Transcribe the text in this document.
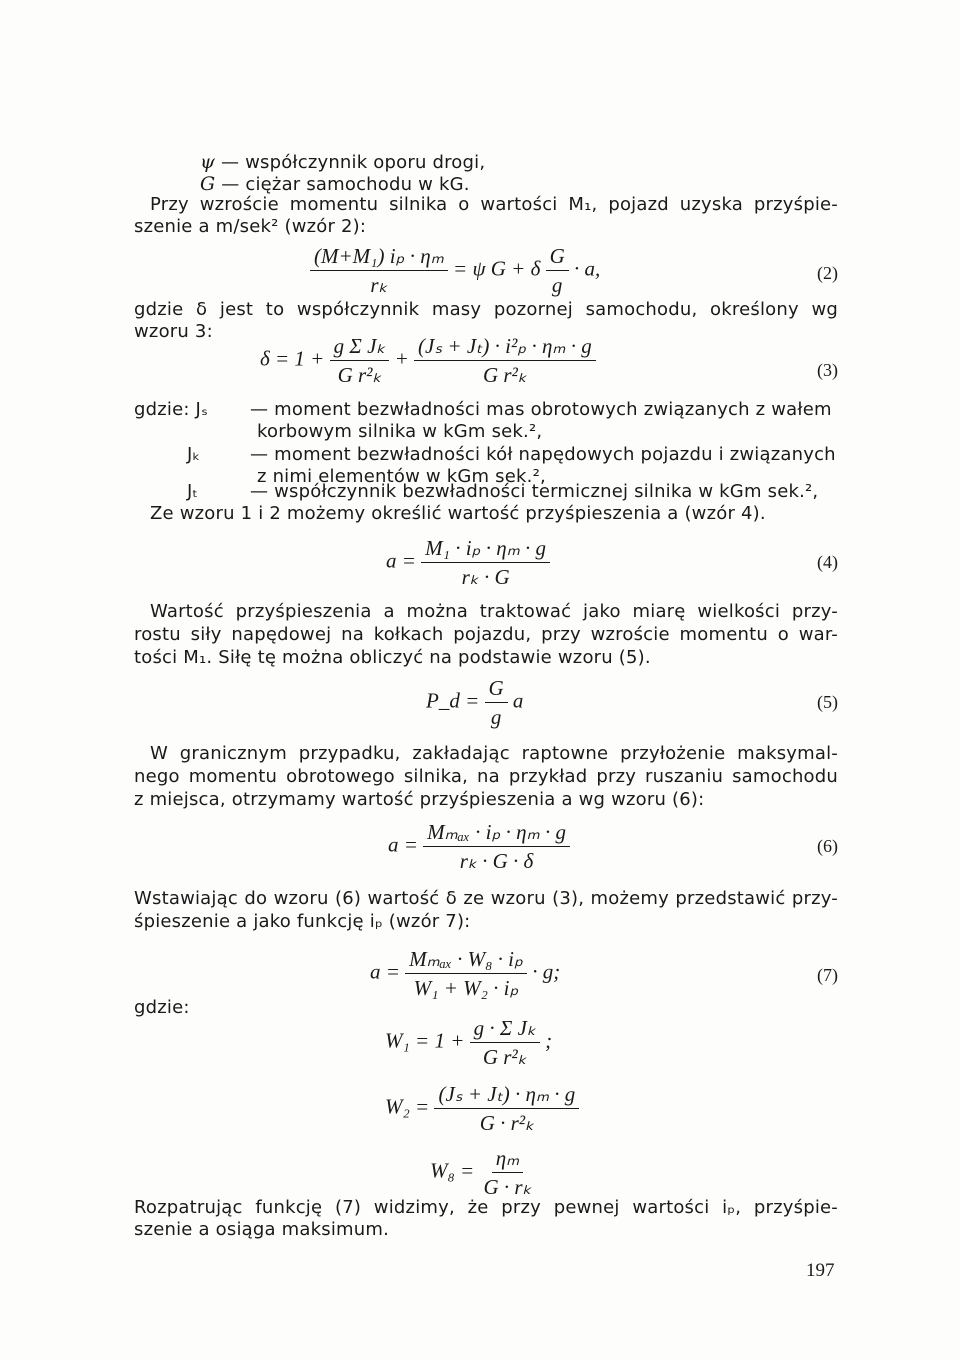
ψ — współczynnik oporu drogi,
G — ciężar samochodu w kG.
Przy wzroście momentu silnika o wartości M₁, pojazd uzyska przyśpie-
szenie a m/sek² (wzór 2):
$\frac{\text{(M+M₁) iₚ · ηₘ}}{\text{rₖ}} = \psi$ G + δ $\frac{G}{g} \cdot a$,	(2)
gdzie δ jest to współczynnik masy pozornej samochodu, określony wg
wzoru 3:
$\delta = 1 + \frac{\text{g Σ Jₖ}}{\text{G r²ₖ}} + \frac{\text{(Jₛ + Jₜ) · i²ₚ · ηₘ · g}}{\text{G r²ₖ}}$	(3)
gdzie: Jₛ — moment bezwładności mas obrotowych związanych z wałem
korbowym silnika w kGm sek.²,
Jₖ	— moment bezwładności kół napędowych pojazdu i związanych
z nimi elementów w kGm sek.²,
Jₜ	— współczynnik bezwładności termicznej silnika w kGm sek.²,
Ze wzoru 1 i 2 możemy określić wartość przyśpieszenia a (wzór 4).
$a = \frac{\text{M₁ · iₚ · ηₘ · g}}{\text{rₖ · G}}$	(4)
Wartość przyśpieszenia a można traktować jako miarę wielkości przy-
rostu siły napędowej na kołkach pojazdu, przy wzroście momentu o war-
tości M₁. Siłę tę można obliczyć na podstawie wzoru (5).
P_d = $\frac{G}{g}$ a	(5)
W granicznym przypadku, zakładając raptowne przyłożenie maksymal-
nego momentu obrotowego silnika, na przykład przy ruszaniu samochodu
z miejsca, otrzymamy wartość przyśpieszenia a wg wzoru (6):
$a = \frac{\text{Mₘₐₓ · iₚ · ηₘ · g}}{\text{rₖ · G · δ}}$	(6)
Wstawiając do wzoru (6) wartość δ ze wzoru (3), możemy przedstawić przy-
śpieszenie a jako funkcję iₚ (wzór 7):
$a = \frac{\text{Mₘₐₓ · W₈ · iₚ}}{\text{W₁ + W₂ · iₚ}} \cdot g$;	(7)
gdzie:
$W_1 = 1 + \frac{\text{g · Σ Jₖ}}{\text{G r²ₖ}}$ ;
$W_2 = \frac{\text{(Jₛ + Jₜ) · ηₘ · g}}{\text{G · r²ₖ}}$
$W_8 = \frac{\text{ηₘ}}{\text{G · rₖ}}$
Rozpatrując funkcję (7) widzimy, że przy pewnej wartości iₚ, przyśpie-
szenie a osiąga maksimum.
197
